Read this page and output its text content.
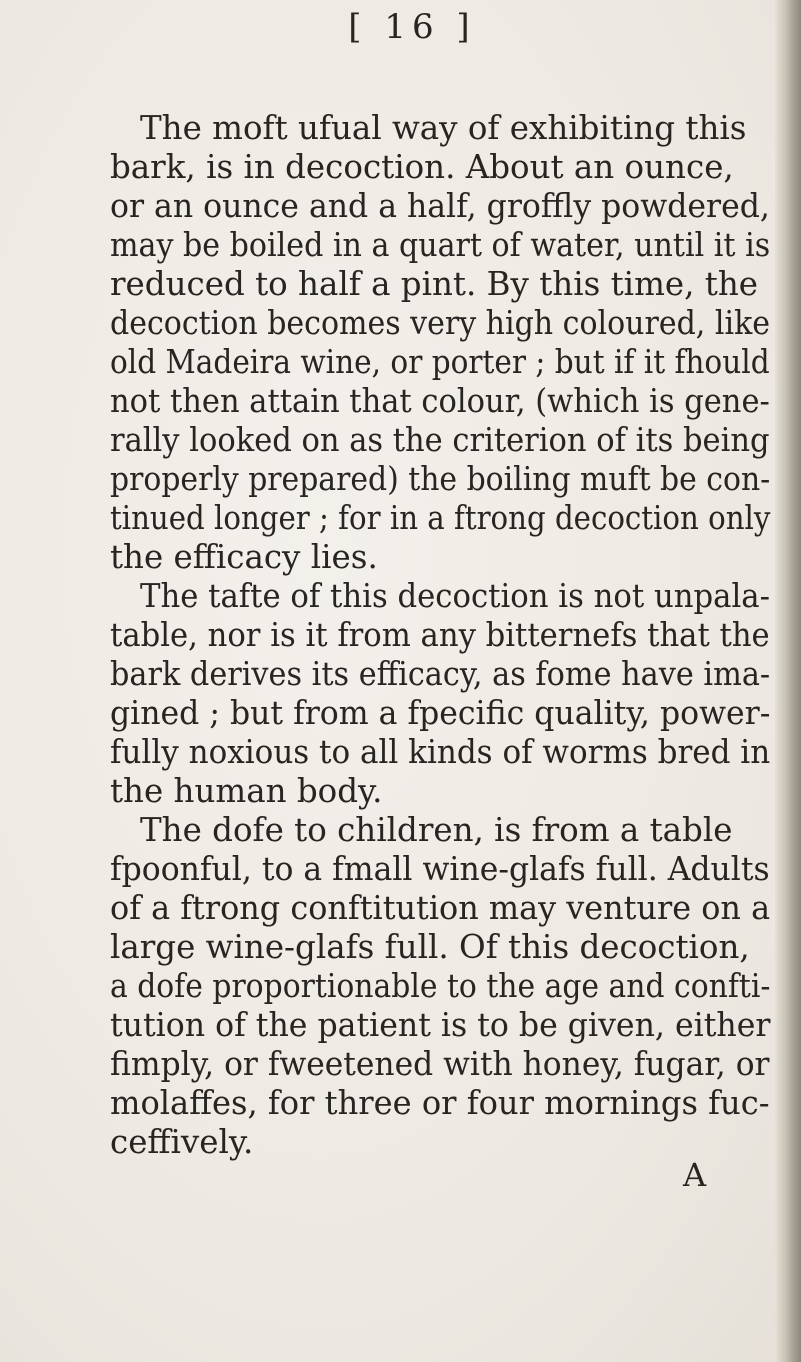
[ 16 ]
The moft ufual way of exhibiting this
bark, is in decoction. About an ounce,
or an ounce and a half, groffly powdered,
may be boiled in a quart of water, until it is
reduced to half a pint. By this time, the
decoction becomes very high coloured, like
old Madeira wine, or porter ; but if it fhould
not then attain that colour, (which is gene-
rally looked on as the criterion of its being
properly prepared) the boiling muft be con-
tinued longer ; for in a ftrong decoction only
the efficacy lies.
The tafte of this decoction is not unpala-
table, nor is it from any bitternefs that the
bark derives its efficacy, as fome have ima-
gined ; but from a fpecific quality, power-
fully noxious to all kinds of worms bred in
the human body.
The dofe to children, is from a table
fpoonful, to a fmall wine-glafs full. Adults
of a ftrong conftitution may venture on a
large wine-glafs full. Of this decoction,
a dofe proportionable to the age and confti-
tution of the patient is to be given, either
fimply, or fweetened with honey, fugar, or
molaffes, for three or four mornings fuc-
ceffively.
A
